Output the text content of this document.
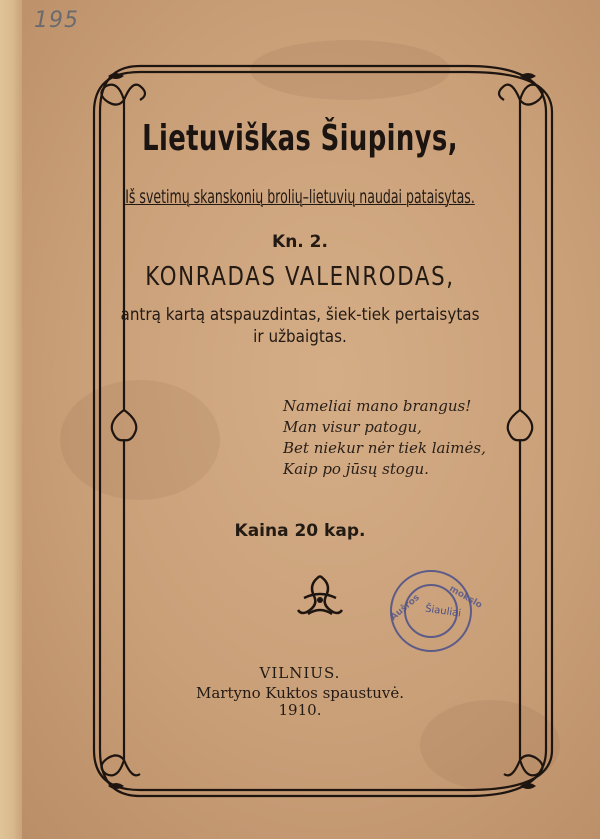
195
Lietuviškas Šiupinys,
Iš svetimų skanskonių brolių–lietuvių naudai pataisytas.
Kn. 2.
KONRADAS VALENRODAS,
antrą kartą atspauzdintas, šiek-tiek pertaisytas
ir užbaigtas.
Nameliai mano brangus!
Man visur patogu,
Bet niekur nėr tiek laimės,
Kaip po jūsų stogu.
Kaina 20 kap.
Aušros	mokslo
Šiauliai
VILNIUS.
Martyno Kuktos spaustuvė.
1910.
